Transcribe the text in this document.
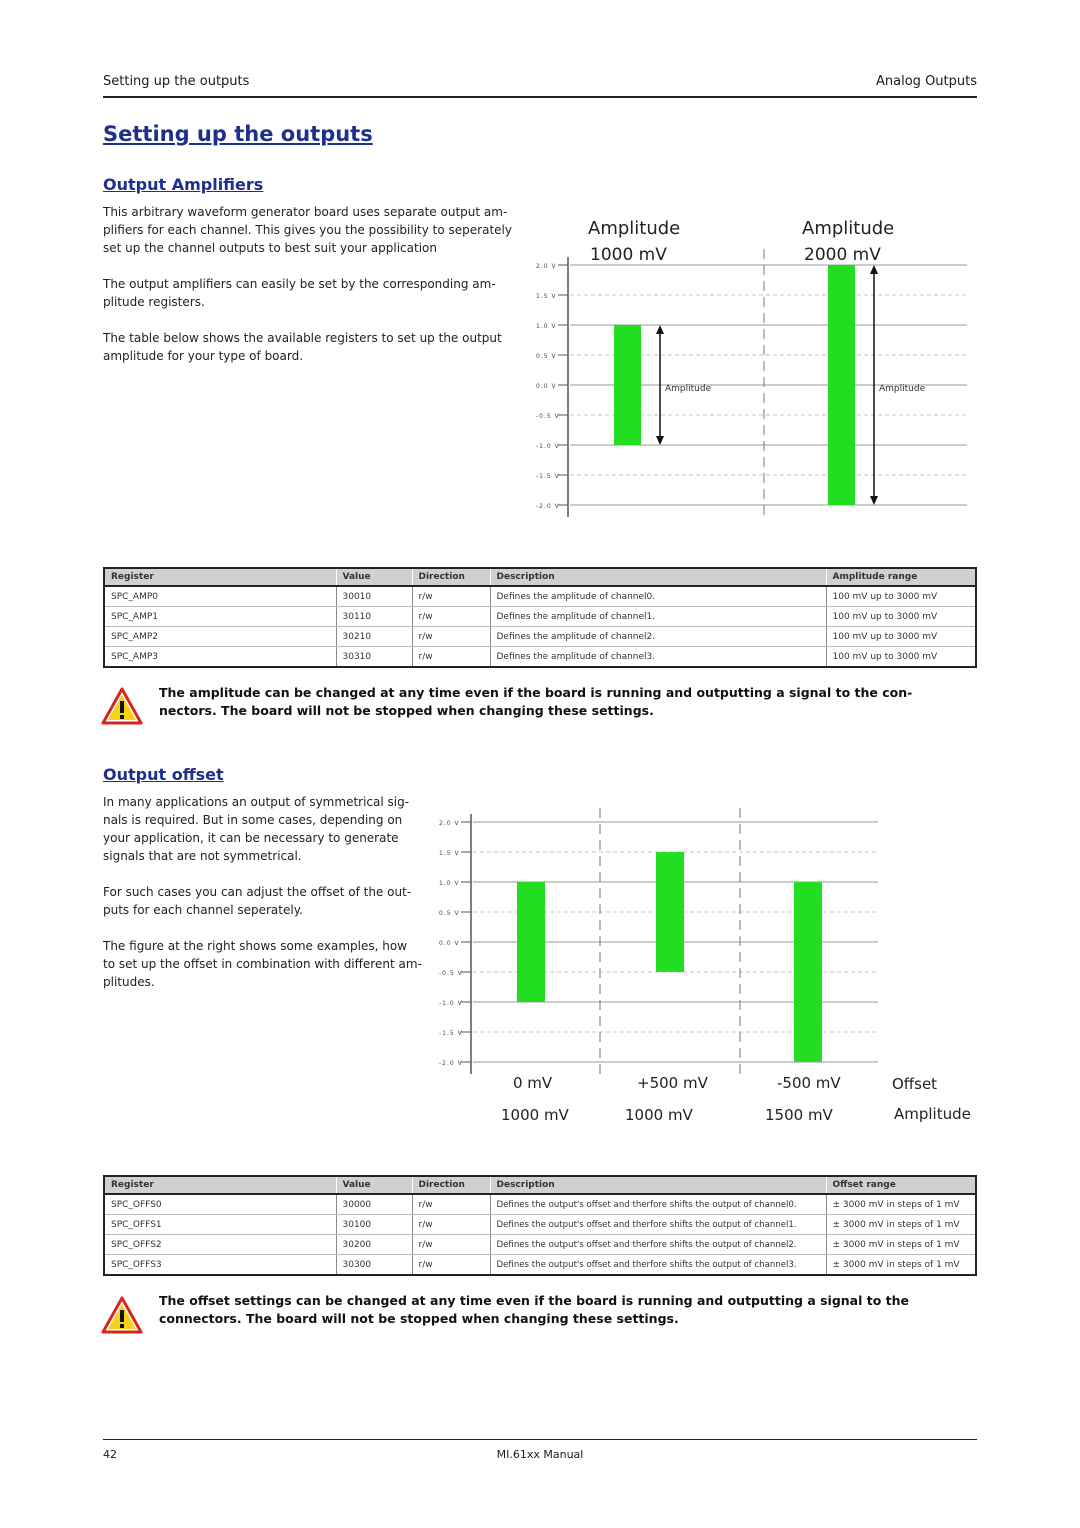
Setting up the outputs	Analog Outputs
Setting up the outputs
Output Amplifiers
This arbitrary waveform generator board uses separate output am-
plifiers for each channel. This gives you the possibility to seperately
set up the channel outputs to best suit your application
The output amplifiers can easily be set by the corresponding am-
plitude registers.
The table below shows the available registers to set up the output
amplitude for your type of board.
2.0 V
1.5 V
1.0 V
0.5 V
0.0 V
-0.5 V
-1.0 V
-1.5 V
-2.0 V
Amplitude
1000 mV
Amplitude
Amplitude
2000 mV
Amplitude
Register	Value	Direction	Description	Amplitude range
SPC_AMP0	30010	r/w	Defines the amplitude of channel0.	100 mV up to 3000 mV
SPC_AMP1	30110	r/w	Defines the amplitude of channel1.	100 mV up to 3000 mV
SPC_AMP2	30210	r/w	Defines the amplitude of channel2.	100 mV up to 3000 mV
SPC_AMP3	30310	r/w	Defines the amplitude of channel3.	100 mV up to 3000 mV
The amplitude can be changed at any time even if the board is running and outputting a signal to the con-
nectors. The board will not be stopped when changing these settings.
Output offset
In many applications an output of symmetrical sig-
nals is required. But in some cases, depending on
your application, it can be necessary to generate
signals that are not symmetrical.
For such cases you can adjust the offset of the out-
puts for each channel seperately.
The figure at the right shows some examples, how
to set up the offset in combination with different am-
plitudes.
2.0 V
1.5 V
1.0 V
0.5 V
0.0 V
-0.5 V
-1.0 V
-1.5 V
-2.0 V
0 mV
1000 mV
+500 mV
1000 mV
-500 mV
1500 mV
Offset
Amplitude
Register	Value	Direction	Description	Offset range
SPC_OFFS0	30000	r/w	Defines the output's offset and therfore shifts the output of channel0.	± 3000 mV in steps of 1 mV
SPC_OFFS1	30100	r/w	Defines the output's offset and therfore shifts the output of channel1.	± 3000 mV in steps of 1 mV
SPC_OFFS2	30200	r/w	Defines the output's offset and therfore shifts the output of channel2.	± 3000 mV in steps of 1 mV
SPC_OFFS3	30300	r/w	Defines the output's offset and therfore shifts the output of channel3.	± 3000 mV in steps of 1 mV
The offset settings can be changed at any time even if the board is running and outputting a signal to the
connectors. The board will not be stopped when changing these settings.
42	MI.61xx Manual
